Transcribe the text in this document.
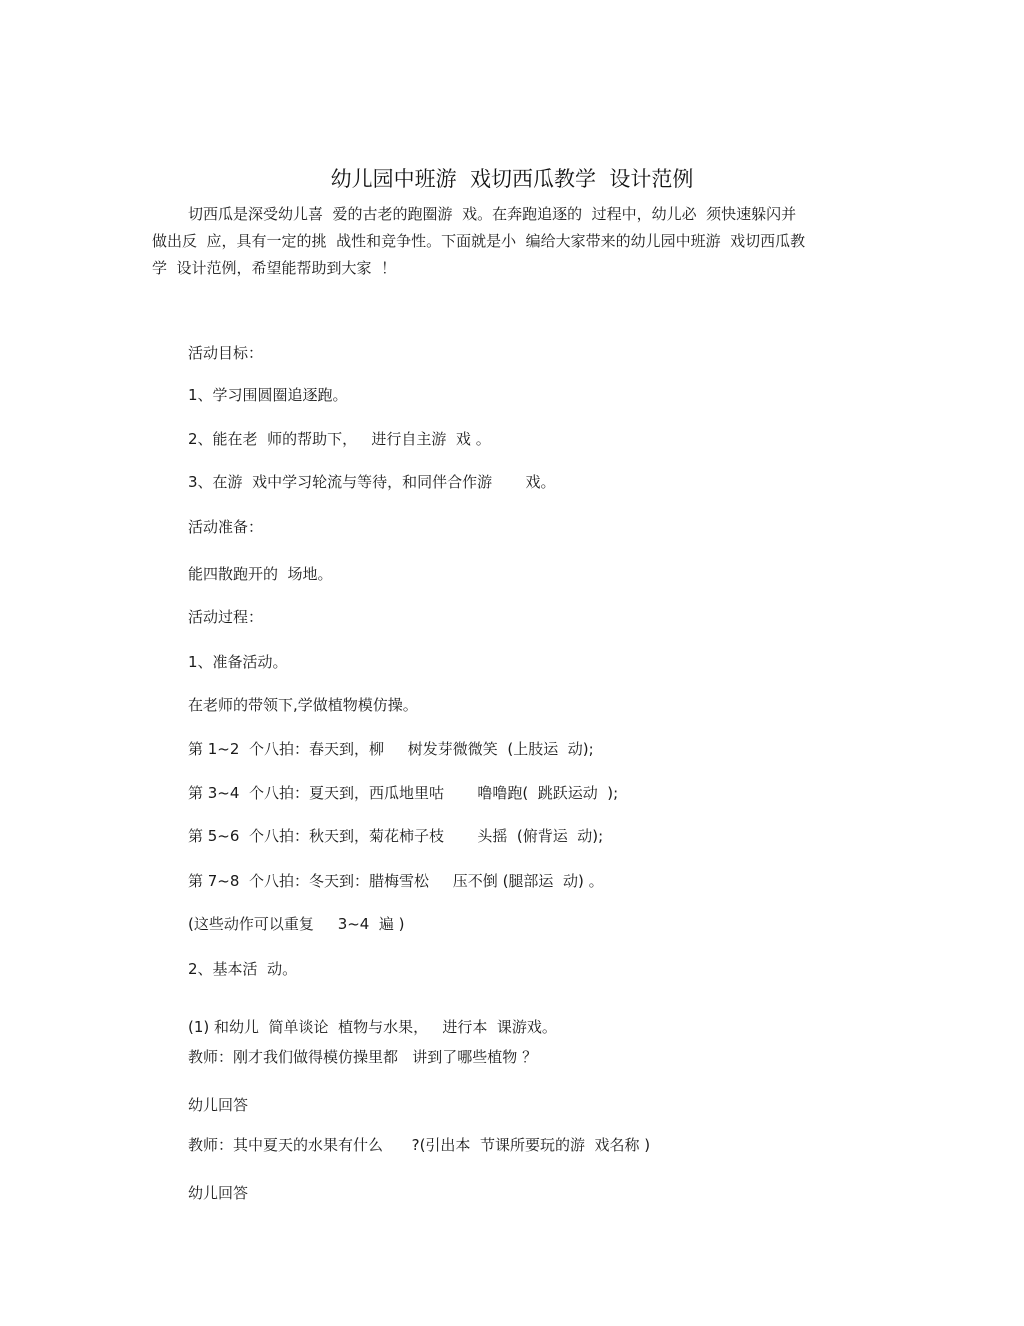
幼儿园中班游  戏切西瓜教学  设计范例
切西瓜是深受幼儿喜  爱的古老的跑圈游  戏。在奔跑追逐的  过程中，幼儿必  须快速躲闪并
做出反  应，具有一定的挑  战性和竞争性。下面就是小  编给大家带来的幼儿园中班游  戏切西瓜教
学  设计范例，希望能帮助到大家  ！
活动目标：
1、学习围圆圈追逐跑。
2、能在老  师的帮助下，   进行自主游  戏 。
3、在游  戏中学习轮流与等待，和同伴合作游       戏。
活动准备：
能四散跑开的  场地。
活动过程：
1、准备活动。
在老师的带领下,学做植物模仿操。
第 1~2  个八拍：春天到，柳     树发芽微微笑  (上肢运  动);
第 3~4  个八拍：夏天到，西瓜地里咕       噜噜跑(  跳跃运动  );
第 5~6  个八拍：秋天到，菊花柿子枝       头摇  (俯背运  动);
第 7~8  个八拍：冬天到：腊梅雪松     压不倒 (腿部运  动) 。
(这些动作可以重复     3~4  遍 )
2、基本活  动。
(1) 和幼儿  简单谈论  植物与水果，   进行本  课游戏。
教师：刚才我们做得模仿操里都   讲到了哪些植物 ？
幼儿回答
教师：其中夏天的水果有什么      ?(引出本  节课所要玩的游  戏名称 )
幼儿回答
